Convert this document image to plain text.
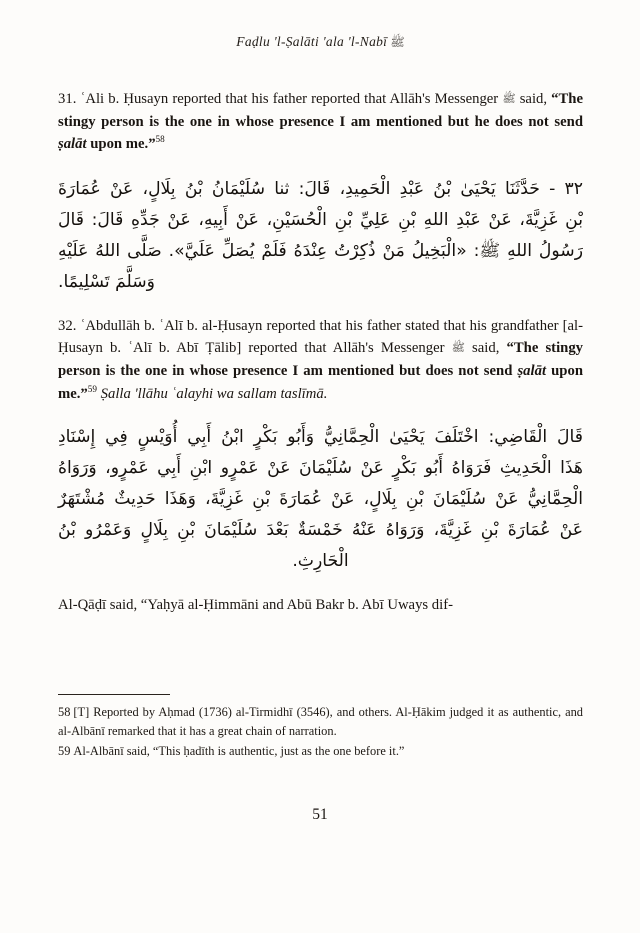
Faḍlu 'l-Ṣalāti 'ala 'l-Nabī ﷺ

31. ʿAli b. Ḥusayn reported that his father reported that Allāh's Messenger ﷺ said, “The stingy person is the one in whose presence I am mentioned but he does not send ṣalāt upon me.”$^{58}$

٣٢ - حَدَّثَنَا يَحْيَىٰ بْنُ عَبْدِ الْحَمِيدِ، قَالَ: ثنا سُلَيْمَانُ بْنُ بِلَالٍ، عَنْ عُمَارَةَ
بْنِ غَزِيَّةَ، عَنْ عَبْدِ اللهِ بْنِ عَلِيِّ بْنِ الْحُسَيْنِ، عَنْ أَبِيهِ، عَنْ جَدِّهِ قَالَ: قَالَ
رَسُولُ اللهِ ﷺ: «الْبَخِيلُ مَنْ ذُكِرْتُ عِنْدَهُ فَلَمْ يُصَلِّ عَلَيَّ». صَلَّى اللهُ عَلَيْهِ
وَسَلَّمَ تَسْلِيمًا.

32. ʿAbdullāh b. ʿAlī b. al-Ḥusayn reported that his father stated that his grandfather [al-Ḥusayn b. ʿAlī b. Abī Ṭālib] reported that Allāh's Messenger ﷺ said, “The stingy person is the one in whose presence I am mentioned but does not send ṣalāt upon me.”$^{59}$ Ṣalla 'llāhu ʿalayhi wa sallam taslīmā.

قَالَ الْقَاضِي: اخْتَلَفَ يَحْيَىٰ الْحِمَّانِيُّ وَأَبُو بَكْرٍ ابْنُ أَبِي أُوَيْسٍ فِي إِسْنَادِ
هَذَا الْحَدِيثِ فَرَوَاهُ أَبُو بَكْرٍ عَنْ سُلَيْمَانَ عَنْ عَمْرٍو ابْنِ أَبِي عَمْرٍو، وَرَوَاهُ
الْحِمَّانِيُّ عَنْ سُلَيْمَانَ بْنِ بِلَالٍ، عَنْ عُمَارَةَ بْنِ غَزِيَّةَ، وَهَذَا حَدِيثٌ مُشْتَهَرٌ
عَنْ عُمَارَةَ بْنِ غَزِيَّةَ، وَرَوَاهُ عَنْهُ خَمْسَةٌ بَعْدَ سُلَيْمَانَ بْنِ بِلَالٍ وَعَمْرُو بْنُ
الْحَارِثِ.

Al-Qāḍī said, “Yaḥyā al-Ḥimmāni and Abū Bakr b. Abī Uways dif-

58 [T] Reported by Aḥmad (1736) al-Tirmidhī (3546), and others. Al-Ḥākim judged it as authentic, and al-Albānī remarked that it has a great chain of narration.

59 Al-Albānī said, “This ḥadīth is authentic, just as the one before it.”

51
